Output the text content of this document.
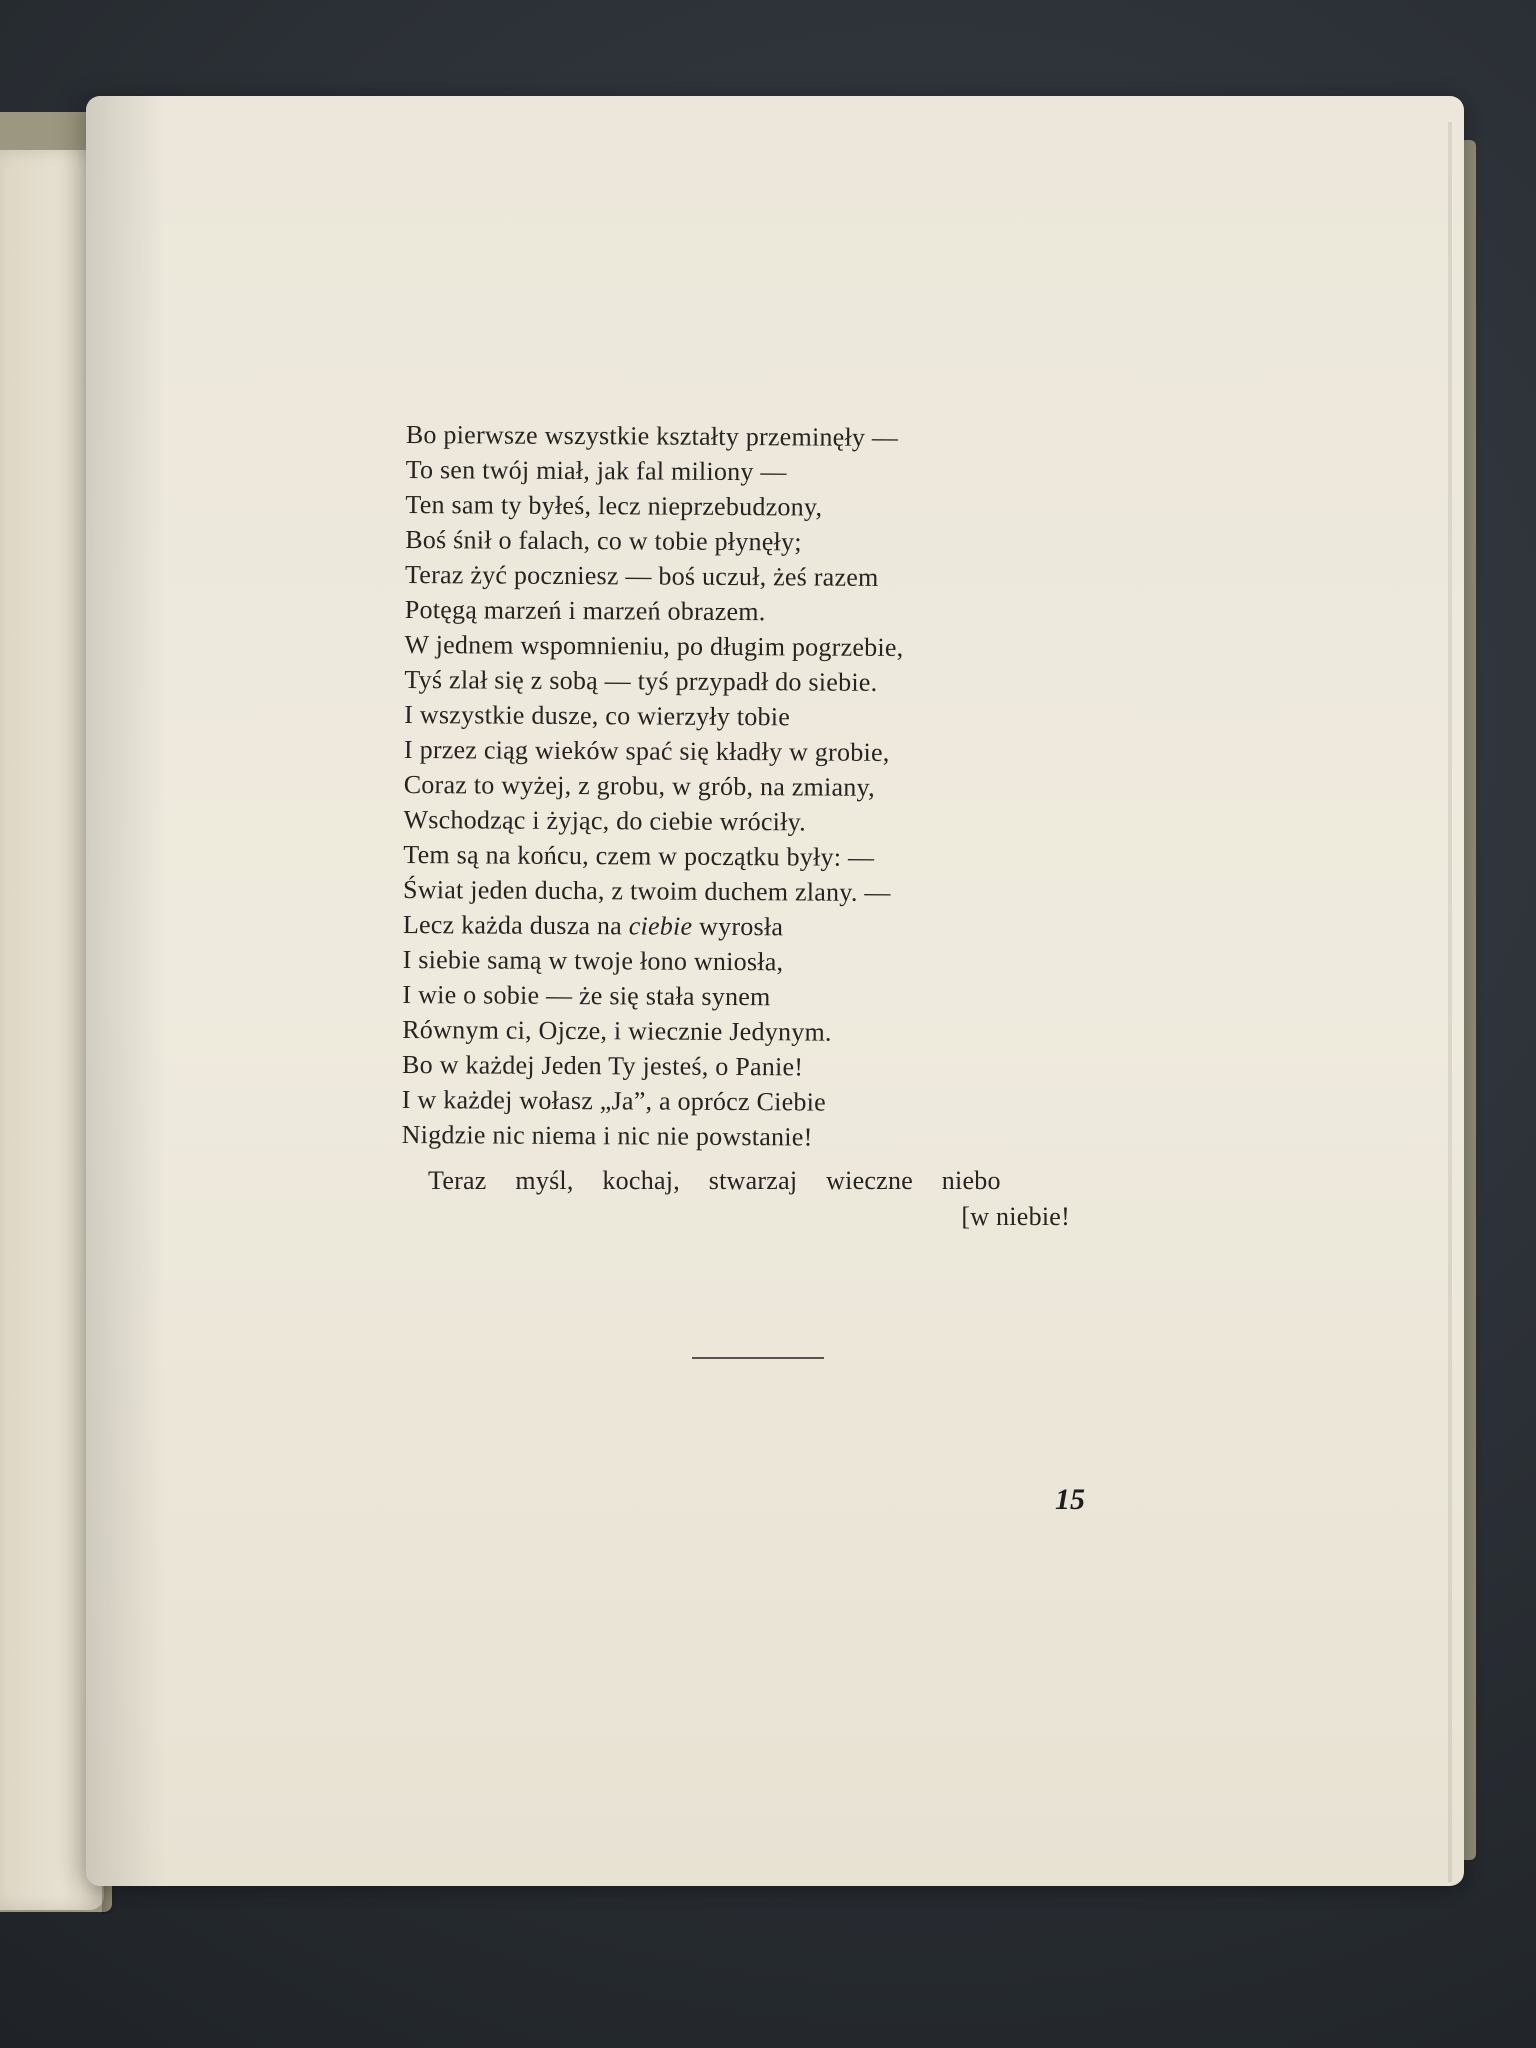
Bo pierwsze wszystkie kształty przeminęły —
To sen twój miał, jak fal miliony —
Ten sam ty byłeś, lecz nieprzebudzony,
Boś śnił o falach, co w tobie płynęły;
Teraz żyć poczniesz — boś uczuł, żeś razem
Potęgą marzeń i marzeń obrazem.
W jednem wspomnieniu, po długim pogrzebie,
Tyś zlał się z sobą — tyś przypadł do siebie.
I wszystkie dusze, co wierzyły tobie
I przez ciąg wieków spać się kładły w grobie,
Coraz to wyżej, z grobu, w grób, na zmiany,
Wschodząc i żyjąc, do ciebie wróciły.
Tem są na końcu, czem w początku były: —
Świat jeden ducha, z twoim duchem zlany. —
Lecz każda dusza na ciebie wyrosła
I siebie samą w twoje łono wniosła,
I wie o sobie — że się stała synem
Równym ci, Ojcze, i wiecznie Jedynym.
Bo w każdej Jeden Ty jesteś, o Panie!
I w każdej wołasz „Ja”, a oprócz Ciebie
Nigdzie nic niema i nic nie powstanie!
Teraz myśl, kochaj, stwarzaj wieczne niebo
[w niebie!
15
